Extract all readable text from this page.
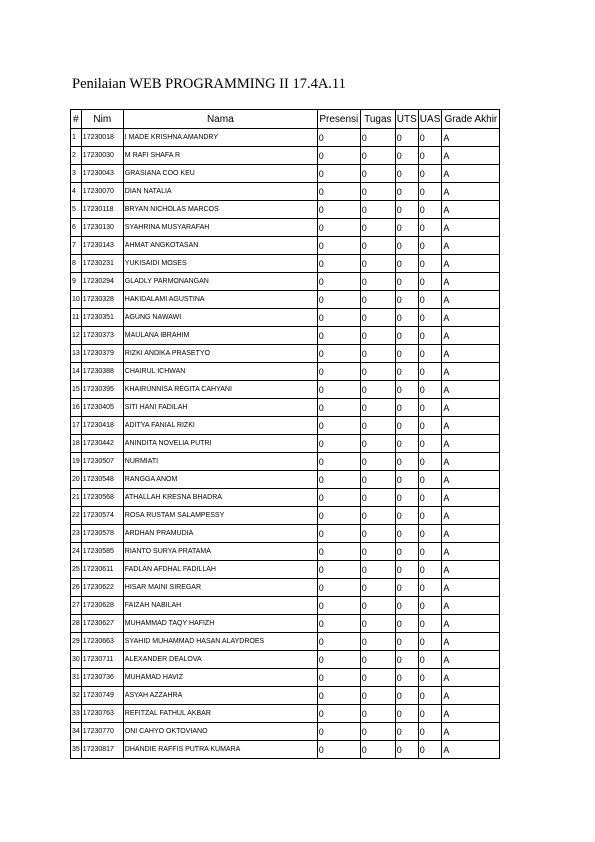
Penilaian WEB PROGRAMMING II 17.4A.11
#	Nim	Nama	Presensi	Tugas	UTS	UAS	Grade Akhir
1	17230018	I MADE KRISHNA AMANDRY	0	0	0	0	A
2	17230030	M RAFI SHAFA R	0	0	0	0	A
3	17230043	GRASIANA COO KEU	0	0	0	0	A
4	17230070	DIAN NATALIA	0	0	0	0	A
5	17230118	BRYAN NICHOLAS MARCOS	0	0	0	0	A
6	17230130	SYAHRINA MUSYARAFAH	0	0	0	0	A
7	17230143	AHMAT ANGKOTASAN	0	0	0	0	A
8	17230231	YUKISAIDI MOSES	0	0	0	0	A
9	17230294	GLADLY PARMONANGAN	0	0	0	0	A
10	17230328	HAKIDALAMI AGUSTINA	0	0	0	0	A
11	17230351	AGUNG NAWAWI	0	0	0	0	A
12	17230373	MAULANA IBRAHIM	0	0	0	0	A
13	17230379	RIZKI ANDIKA PRASETYO	0	0	0	0	A
14	17230388	CHAIRUL ICHWAN	0	0	0	0	A
15	17230395	KHAIRUNNISA REGITA CAHYANI	0	0	0	0	A
16	17230405	SITI HANI FADILAH	0	0	0	0	A
17	17230418	ADITYA FANIAL RIZKI	0	0	0	0	A
18	17230442	ANINDITA NOVELIA PUTRI	0	0	0	0	A
19	17230507	NURMIATI	0	0	0	0	A
20	17230548	RANGGA ANOM	0	0	0	0	A
21	17230568	ATHALLAH KRESNA BHADRA	0	0	0	0	A
22	17230574	ROSA RUSTAM SALAMPESSY	0	0	0	0	A
23	17230578	ARDHAN PRAMUDIA	0	0	0	0	A
24	17230585	RIANTO SURYA PRATAMA	0	0	0	0	A
25	17230611	FADLAN AFDHAL FADILLAH	0	0	0	0	A
26	17230622	HISAR MAINI SIREGAR	0	0	0	0	A
27	17230628	FAIZAH NABILAH	0	0	0	0	A
28	17230627	MUHAMMAD TAQY HAFIZH	0	0	0	0	A
29	17230663	SYAHID MUHAMMAD HASAN ALAYDROES	0	0	0	0	A
30	17230711	ALEXANDER DEALOVA	0	0	0	0	A
31	17230736	MUHAMAD HAVIZ	0	0	0	0	A
32	17230749	ASYAH AZZAHRA	0	0	0	0	A
33	17230763	REFITZAL FATHUL AKBAR	0	0	0	0	A
34	17230770	ONI CAHYO OKTOVIANO	0	0	0	0	A
35	17230817	DHANDIE RAFFIS PUTRA KUMARA	0	0	0	0	A
